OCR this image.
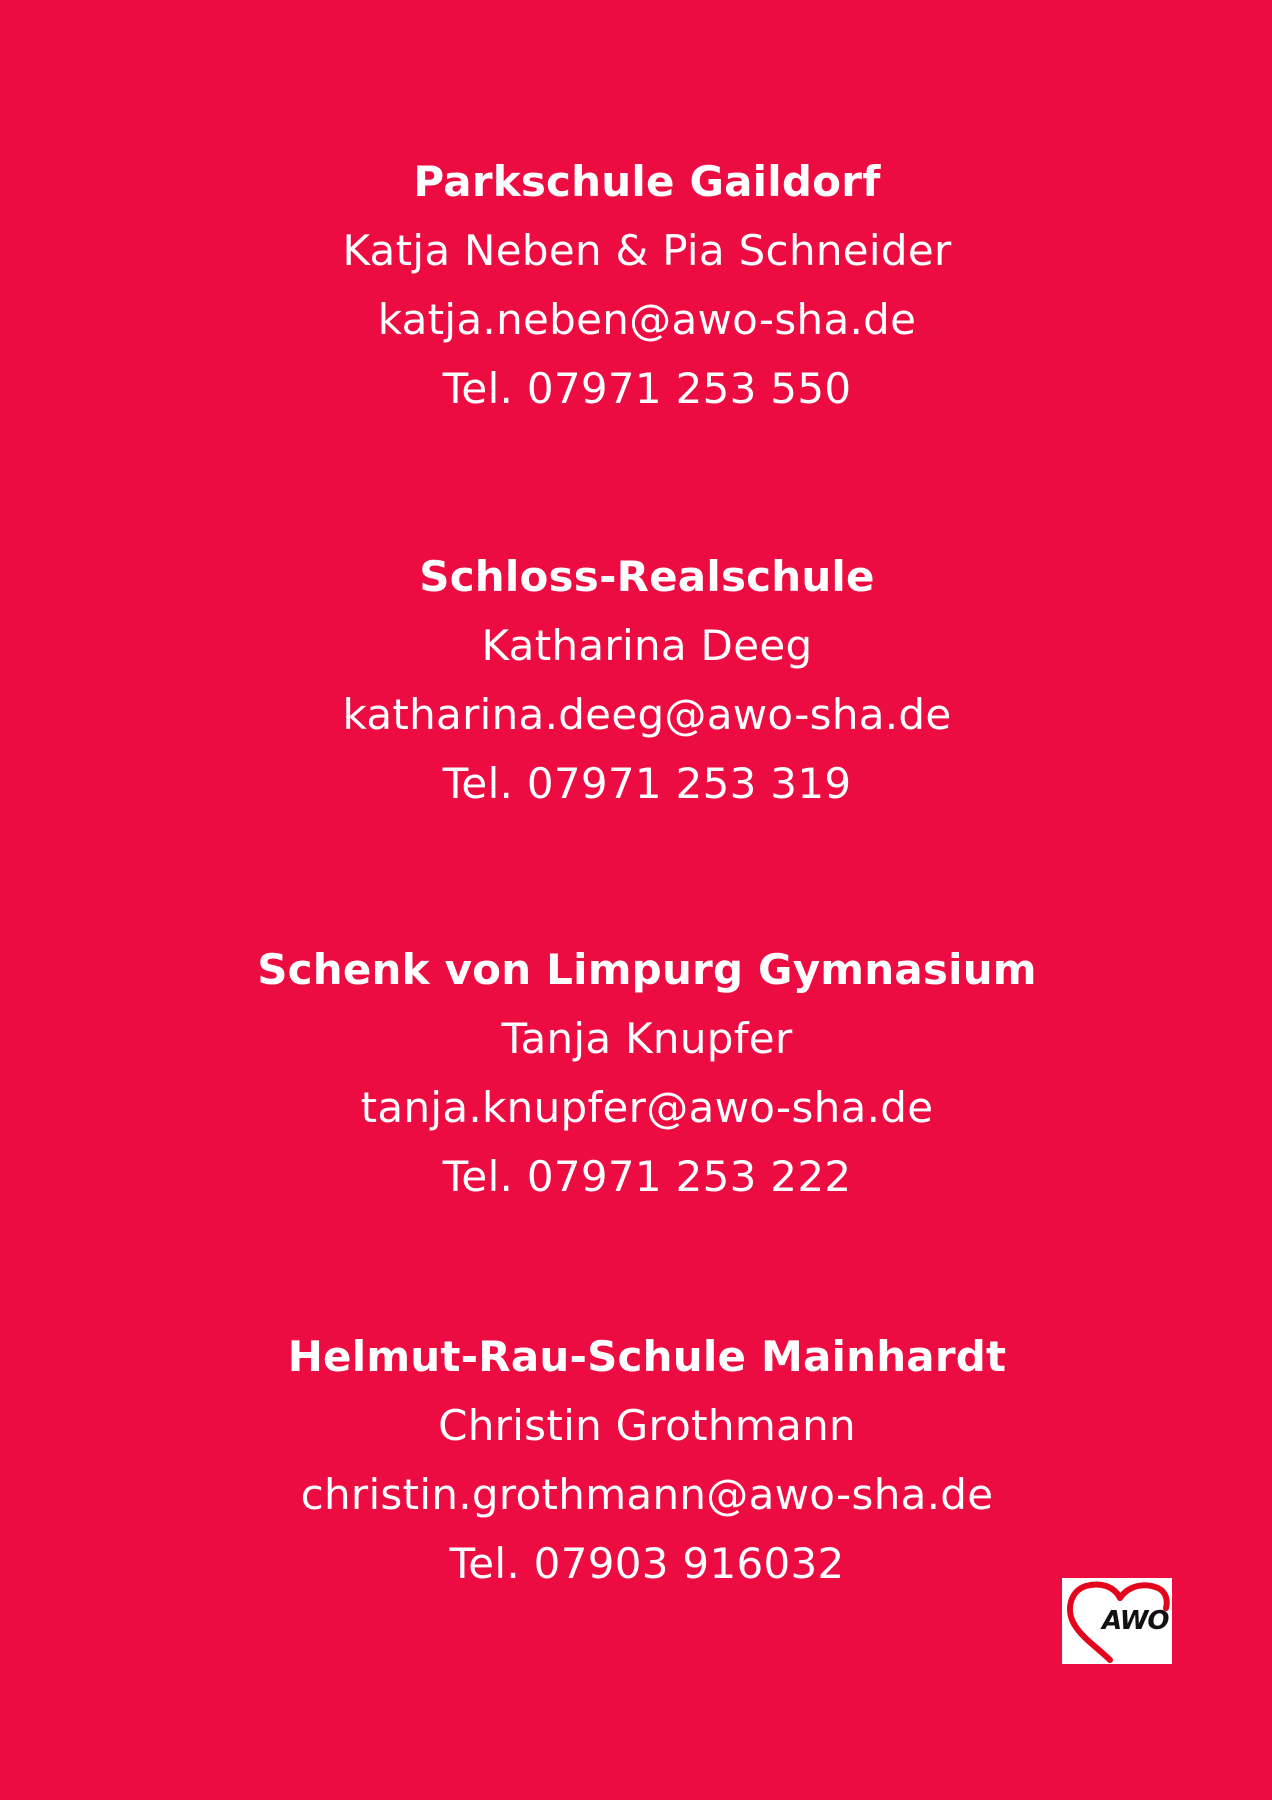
Parkschule Gaildorf
Katja Neben & Pia Schneider
katja.neben@awo-sha.de
Tel. 07971 253 550
Schloss-Realschule
Katharina Deeg
katharina.deeg@awo-sha.de
Tel. 07971 253 319
Schenk von Limpurg Gymnasium
Tanja Knupfer
tanja.knupfer@awo-sha.de
Tel. 07971 253 222
Helmut-Rau-Schule Mainhardt
Christin Grothmann
christin.grothmann@awo-sha.de
Tel. 07903 916032
AWO
